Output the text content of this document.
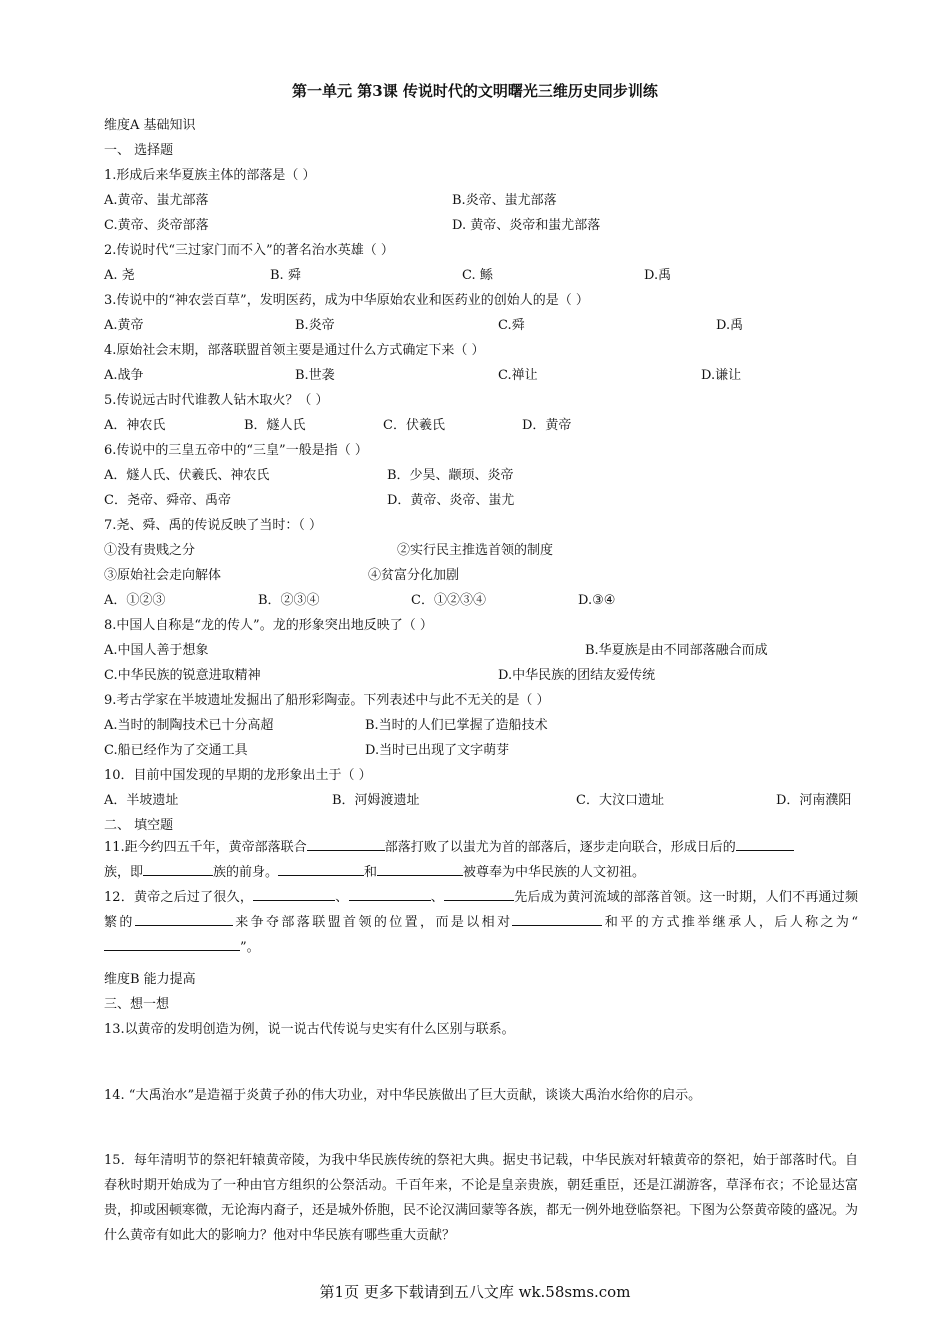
第一单元 第3课 传说时代的文明曙光三维历史同步训练
维度A 基础知识
一、 选择题
1.形成后来华夏族主体的部落是（ ）
A.黄帝、蚩尤部落	B.炎帝、蚩尤部落
C.黄帝、炎帝部落	D. 黄帝、炎帝和蚩尤部落
2.传说时代“三过家门而不入”的著名治水英雄（ ）
A. 尧	B. 舜	C. 鲧	D.禹
3.传说中的“神农尝百草”，发明医药，成为中华原始农业和医药业的创始人的是（ ）
A.黄帝	B.炎帝	C.舜	D.禹
4.原始社会末期，部落联盟首领主要是通过什么方式确定下来（ ）
A.战争	B.世袭	C.禅让	D.谦让
5.传说远古时代谁教人钻木取火？（ ）
A．神农氏	B．燧人氏	C．伏羲氏	D．黄帝
6.传说中的三皇五帝中的“三皇”一般是指（ ）
A．燧人氏、伏羲氏、神农氏	B．少昊、颛顼、炎帝
C．尧帝、舜帝、禹帝	D．黄帝、炎帝、蚩尤
7.尧、舜、禹的传说反映了当时：（ ）
①没有贵贱之分	②实行民主推选首领的制度
③原始社会走向解体	④贫富分化加剧
A．①②③	B．②③④	C．①②③④	D.③④
8.中国人自称是“龙的传人”。龙的形象突出地反映了（ ）
A.中国人善于想象	B.华夏族是由不同部落融合而成
C.中华民族的锐意进取精神	D.中华民族的团结友爱传统
9.考古学家在半坡遗址发掘出了船形彩陶壶。下列表述中与此不无关的是（ ）
A.当时的制陶技术已十分高超	B.当时的人们已掌握了造船技术
C.船已经作为了交通工具	D.当时已出现了文字萌芽
10．目前中国发现的早期的龙形象出土于（ ）
A．半坡遗址	B．河姆渡遗址	C．大汶口遗址	D．河南濮阳
二、 填空题
11.距今约四五千年，黄帝部落联合	部落打败了以蚩尤为首的部落后，逐步走向联合，形成日后的
族，即	族的前身。	和	被尊奉为中华民族的人文初祖。
12．黄帝之后过了很久，	、	、	先后成为黄河流域的部落首领。这一时期，人们不再通过频繁的	来争夺部落联盟首领的位置，而是以相对	和平的方式推举继承人，后人称之为“”。
维度B 能力提高
三、想一想
13.以黄帝的发明创造为例，说一说古代传说与史实有什么区别与联系。
14. “大禹治水”是造福于炎黄子孙的伟大功业，对中华民族做出了巨大贡献，谈谈大禹治水给你的启示。
15．每年清明节的祭祀轩辕黄帝陵，为我中华民族传统的祭祀大典。据史书记载，中华民族对轩辕黄帝的祭祀，始于部落时代。自春秋时期开始成为了一种由官方组织的公祭活动。千百年来，不论是皇亲贵族，朝廷重臣，还是江湖游客，草泽布衣；不论显达富贵，抑或困顿寒微，无论海内裔子，还是城外侨胞，民不论汉满回蒙等各族，都无一例外地登临祭祀。下图为公祭黄帝陵的盛况。为什么黄帝有如此大的影响力？他对中华民族有哪些重大贡献？
第1页 更多下载请到五八文库 wk.58sms.com
